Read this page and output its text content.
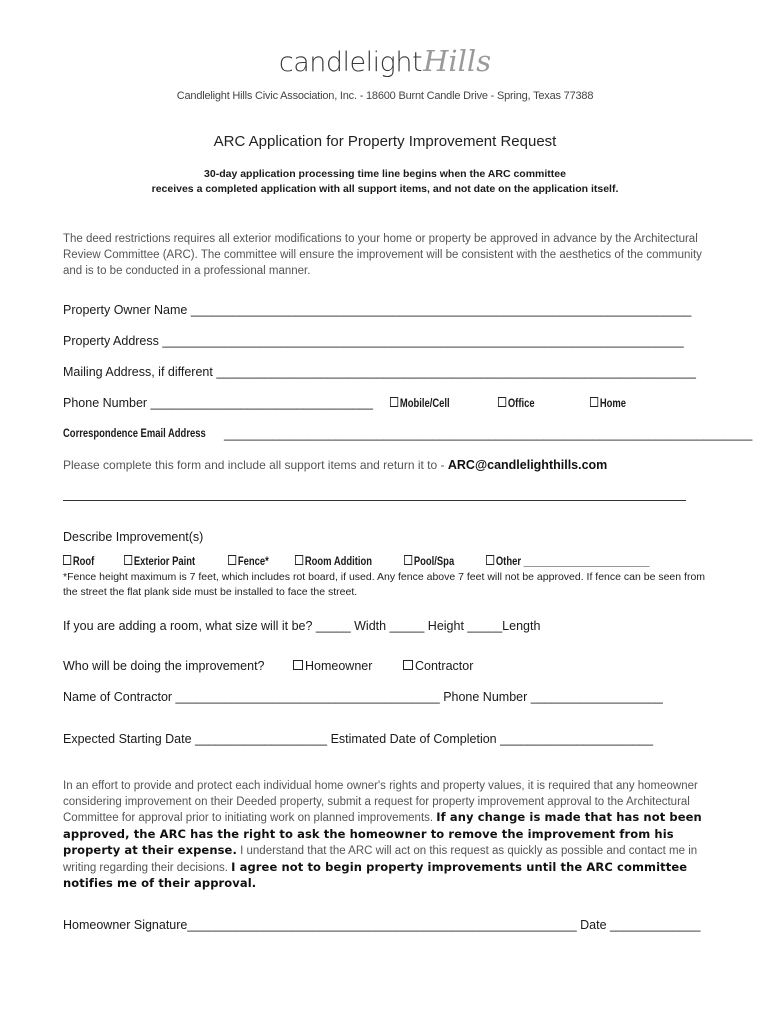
candlelightHills
Candlelight Hills Civic Association, Inc. - 18600 Burnt Candle Drive - Spring, Texas 77388
ARC Application for Property Improvement Request
30-day application processing time line begins when the ARC committee
receives a completed application with all support items, and not date on the application itself.
The deed restrictions requires all exterior modifications to your home or property be approved in advance by the Architectural Review Committee (ARC). The committee will ensure the improvement will be consistent with the aesthetics of the community and is to be conducted in a professional manner.
Property Owner Name ________________________________________________________________________
Property Address ___________________________________________________________________________
Mailing Address, if different _____________________________________________________________________
Phone Number ________________________________	Mobile/Cell	Office	Home
Correspondence Email Address ____________________________________________________________________________
Please complete this form and include all support items and return it to - ARC@candlelighthills.com
Describe Improvement(s)
Roof	Exterior Paint	Fence*	Room Addition	Pool/Spa	Other ________________________
*Fence height maximum is 7 feet, which includes rot board, if used. Any fence above 7 feet will not be approved. If fence can be seen from the street the flat plank side must be installed to face the street.
If you are adding a room, what size will it be? _____ Width _____ Height _____Length
Who will be doing the improvement?	Homeowner	Contractor
Name of Contractor ______________________________________ Phone Number ___________________
Expected Starting Date ___________________ Estimated Date of Completion ______________________
In an effort to provide and protect each individual home owner's rights and property values, it is required that any homeowner considering improvement on their Deeded property, submit a request for property improvement approval to the Architectural Committee for approval prior to initiating work on planned improvements. If any change is made that has not been approved, the ARC has the right to ask the homeowner to remove the improvement from his property at their expense. I understand that the ARC will act on this request as quickly as possible and contact me in writing regarding their decisions. I agree not to begin property improvements until the ARC committee notifies me of their approval.
Homeowner Signature________________________________________________________ Date _____________
